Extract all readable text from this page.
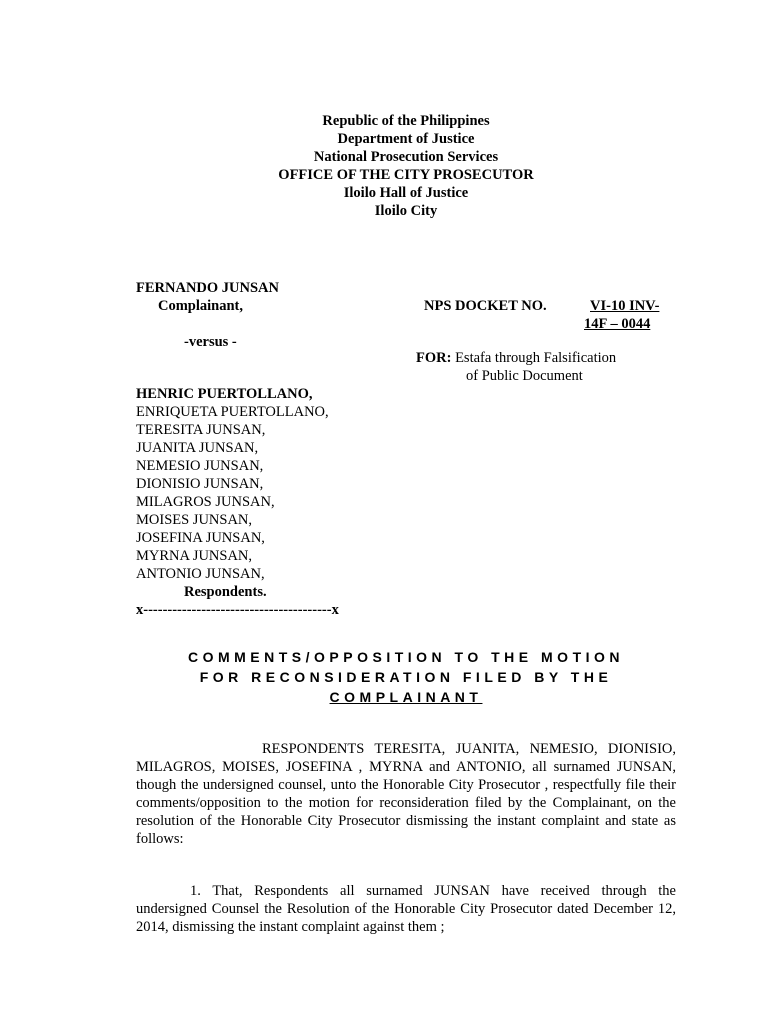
Republic of the Philippines
Department of Justice
National Prosecution Services
OFFICE OF THE CITY PROSECUTOR
Iloilo Hall of Justice
Iloilo City
FERNANDO JUNSAN
Complainant,	NPS DOCKET NO.	VI-10 INV-
14F – 0044
-versus -
FOR: Estafa through Falsification
of Public Document
HENRIC PUERTOLLANO,
ENRIQUETA PUERTOLLANO,
TERESITA JUNSAN,
JUANITA JUNSAN,
NEMESIO JUNSAN,
DIONISIO JUNSAN,
MILAGROS JUNSAN,
MOISES JUNSAN,
JOSEFINA JUNSAN,
MYRNA JUNSAN,
ANTONIO JUNSAN,
Respondents.
x---------------------------------------x
COMMENTS/OPPOSITION TO THE MOTION
FOR RECONSIDERATION FILED BY THE
COMPLAINANT
RESPONDENTS TERESITA, JUANITA, NEMESIO, DIONISIO, MILAGROS, MOISES, JOSEFINA , MYRNA and ANTONIO, all surnamed JUNSAN, though the undersigned counsel, unto the Honorable City Prosecutor , respectfully file their comments/opposition to the motion for reconsideration filed by the Complainant, on the resolution of the Honorable City Prosecutor dismissing the instant complaint and state as follows:
1. That, Respondents all surnamed JUNSAN have received through the undersigned Counsel the Resolution of the Honorable City Prosecutor dated December 12, 2014, dismissing the instant complaint against them ;
